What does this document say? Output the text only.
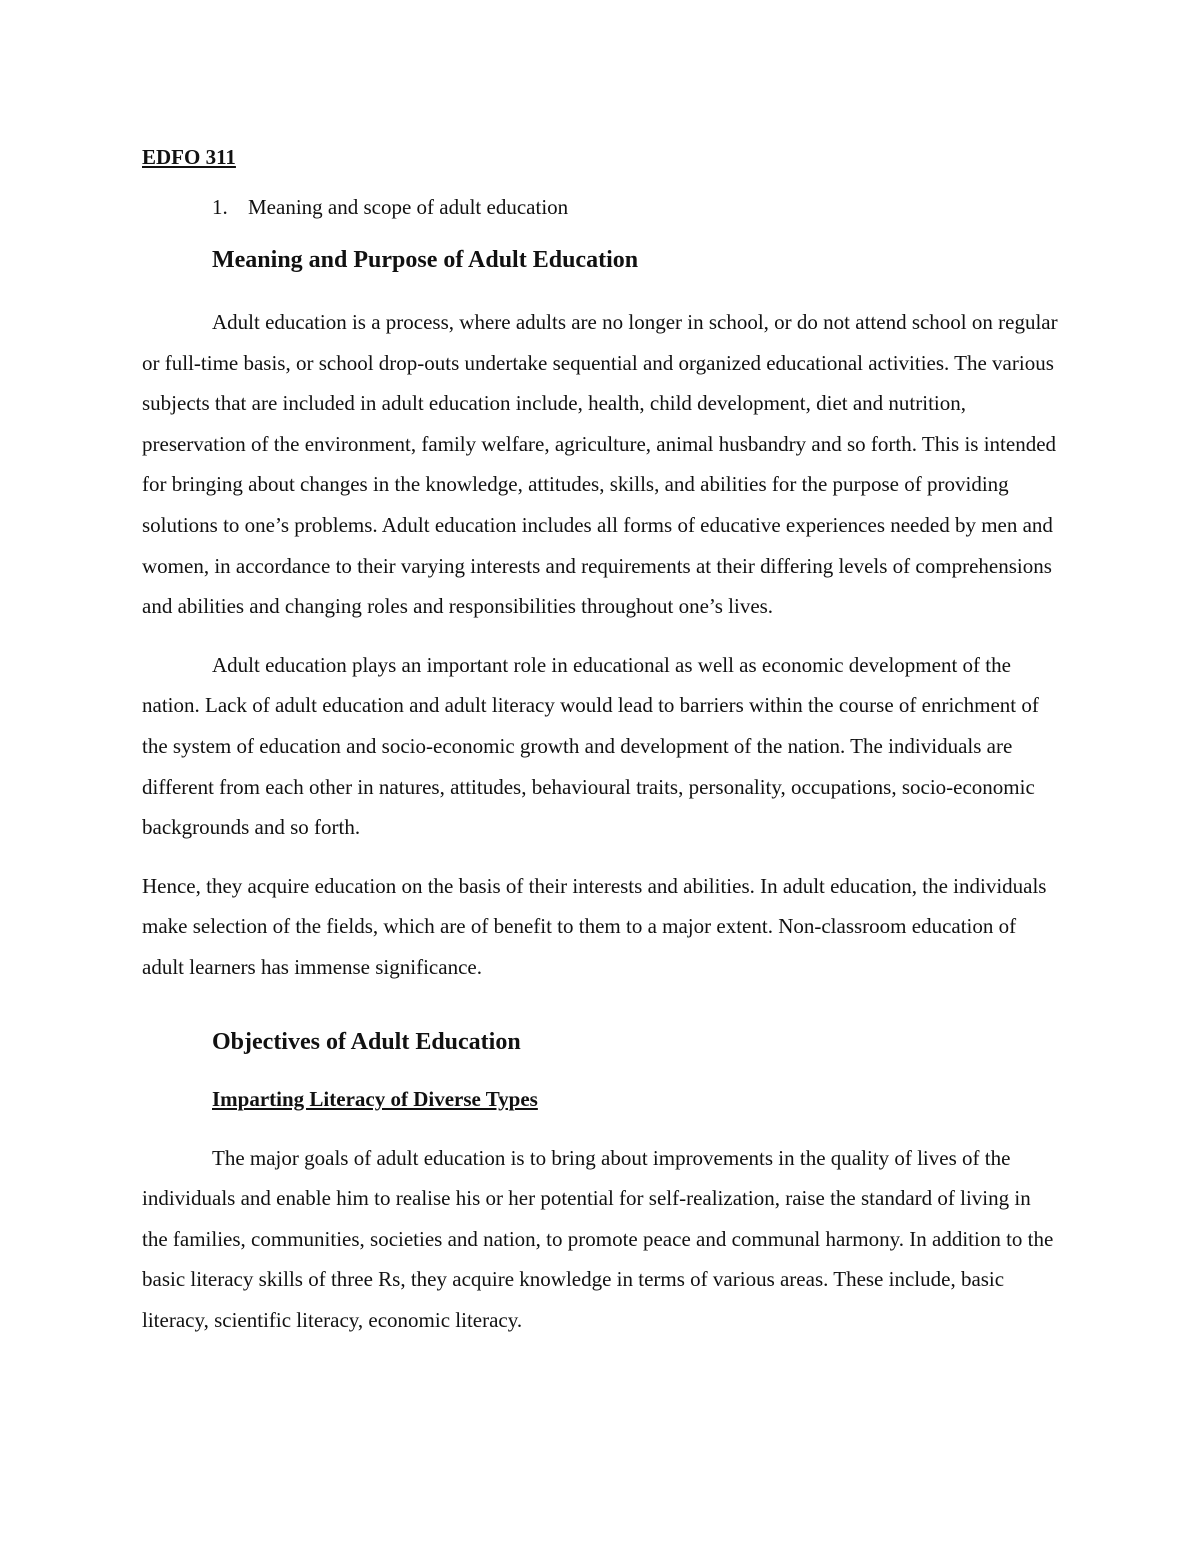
EDFO 311

1. Meaning and scope of adult education
Meaning and Purpose of Adult Education

Adult education is a process, where adults are no longer in school, or do not attend school on regular or full-time basis, or school drop-outs undertake sequential and organized educational activities. The various subjects that are included in adult education include, health, child development, diet and nutrition, preservation of the environment, family welfare, agriculture, animal husbandry and so forth. This is intended for bringing about changes in the knowledge, attitudes, skills, and abilities for the purpose of providing solutions to one’s problems. Adult education includes all forms of educative experiences needed by men and women, in accordance to their varying interests and requirements at their differing levels of comprehensions and abilities and changing roles and responsibilities throughout one’s lives.

Adult education plays an important role in educational as well as economic development of the nation. Lack of adult education and adult literacy would lead to barriers within the course of enrichment of the system of education and socio-economic growth and development of the nation. The individuals are different from each other in natures, attitudes, behavioural traits, personality, occupations, socio-economic backgrounds and so forth.

Hence, they acquire education on the basis of their interests and abilities. In adult education, the individuals make selection of the fields, which are of benefit to them to a major extent. Non-classroom education of adult learners has immense significance.

Objectives of Adult Education

Imparting Literacy of Diverse Types

The major goals of adult education is to bring about improvements in the quality of lives of the individuals and enable him to realise his or her potential for self-realization, raise the standard of living in the families, communities, societies and nation, to promote peace and communal harmony. In addition to the basic literacy skills of three Rs, they acquire knowledge in terms of various areas. These include, basic literacy, scientific literacy, economic literacy.
